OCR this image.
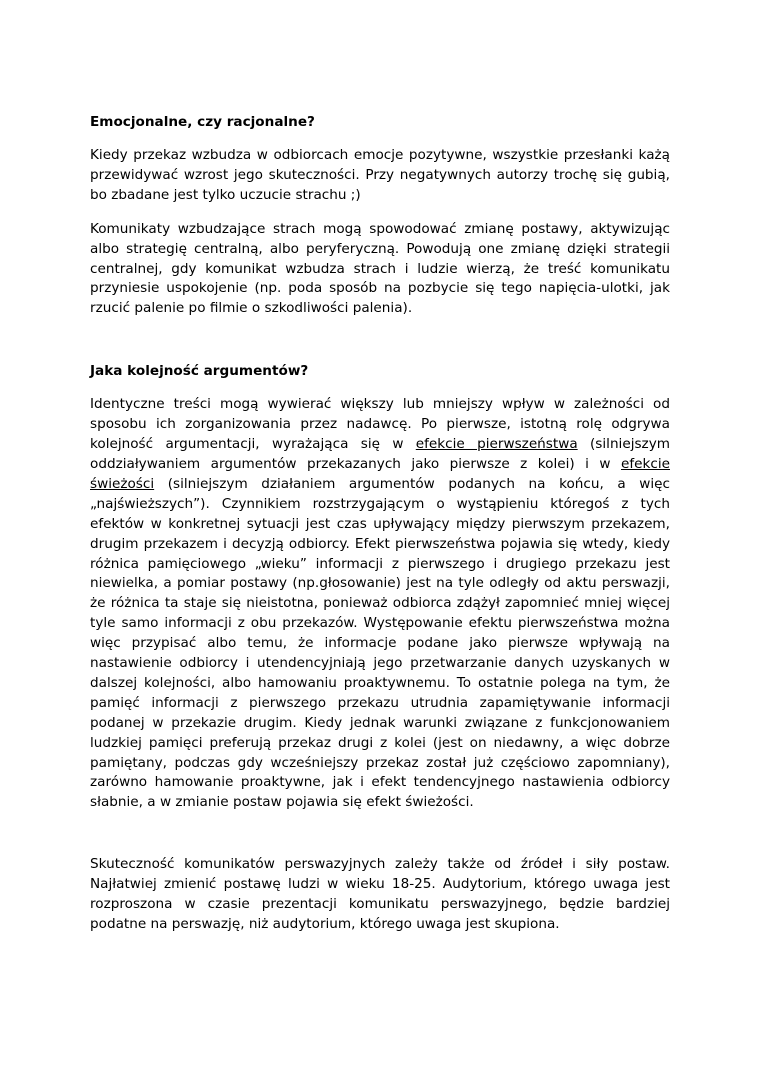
Emocjonalne, czy racjonalne?

Kiedy przekaz wzbudza w odbiorcach emocje pozytywne, wszystkie przesłanki każą przewidywać wzrost jego skuteczności. Przy negatywnych autorzy trochę się gubią, bo zbadane jest tylko uczucie strachu ;)

Komunikaty wzbudzające strach mogą spowodować zmianę postawy, aktywizując albo strategię centralną, albo peryferyczną. Powodują one zmianę dzięki strategii centralnej, gdy komunikat wzbudza strach i ludzie wierzą, że treść komunikatu przyniesie uspokojenie (np. poda sposób na pozbycie się tego napięcia-ulotki, jak rzucić palenie po filmie o szkodliwości palenia).

Jaka kolejność argumentów?

Identyczne treści mogą wywierać większy lub mniejszy wpływ w zależności od sposobu ich zorganizowania przez nadawcę. Po pierwsze, istotną rolę odgrywa kolejność argumentacji, wyrażająca się w efekcie pierwszeństwa (silniejszym oddziaływaniem argumentów przekazanych jako pierwsze z kolei) i w efekcie świeżości (silniejszym działaniem argumentów podanych na końcu, a więc „najświeższych”). Czynnikiem rozstrzygającym o wystąpieniu któregoś z tych efektów w konkretnej sytuacji jest czas upływający między pierwszym przekazem, drugim przekazem i decyzją odbiorcy. Efekt pierwszeństwa pojawia się wtedy, kiedy różnica pamięciowego „wieku” informacji z pierwszego i drugiego przekazu jest niewielka, a pomiar postawy (np.głosowanie) jest na tyle odległy od aktu perswazji, że różnica ta staje się nieistotna, ponieważ odbiorca zdążył zapomnieć mniej więcej tyle samo informacji z obu przekazów. Występowanie efektu pierwszeństwa można więc przypisać albo temu, że informacje podane jako pierwsze wpływają na nastawienie odbiorcy i utendencyjniają jego przetwarzanie danych uzyskanych w dalszej kolejności, albo hamowaniu proaktywnemu. To ostatnie polega na tym, że pamięć informacji z pierwszego przekazu utrudnia zapamiętywanie informacji podanej w przekazie drugim. Kiedy jednak warunki związane z funkcjonowaniem ludzkiej pamięci preferują przekaz drugi z kolei (jest on niedawny, a więc dobrze pamiętany, podczas gdy wcześniejszy przekaz został już częściowo zapomniany), zarówno hamowanie proaktywne, jak i efekt tendencyjnego nastawienia odbiorcy słabnie, a w zmianie postaw pojawia się efekt świeżości.

Skuteczność komunikatów perswazyjnych zależy także od źródeł i siły postaw. Najłatwiej zmienić postawę ludzi w wieku 18-25. Audytorium, którego uwaga jest rozproszona w czasie prezentacji komunikatu perswazyjnego, będzie bardziej podatne na perswazję, niż audytorium, którego uwaga jest skupiona.
